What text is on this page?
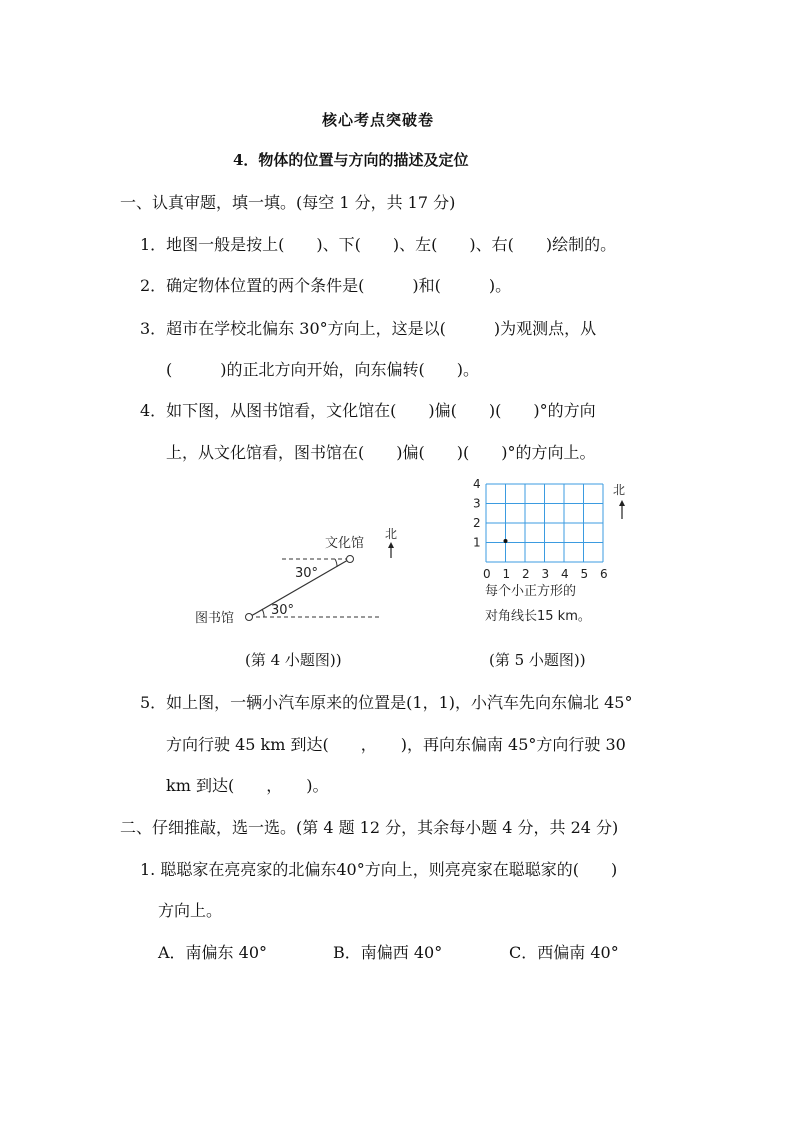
核心考点突破卷
4．物体的位置与方向的描述及定位
一、认真审题，填一填。(每空 1 分，共 17 分)
1．地图一般是按上(　　)、下(　　)、左(　　)、右(　　)绘制的。
2．确定物体位置的两个条件是(　　　)和(　　　)。
3．超市在学校北偏东 30°方向上，这是以(　　　)为观测点，从
(　　　)的正北方向开始，向东偏转(　　)。
4．如下图，从图书馆看，文化馆在(　　)偏(　　)(　　)°的方向
上，从文化馆看，图书馆在(　　)偏(　　)(　　)°的方向上。
文化馆
图书馆
30°
30°
北
4
3
2
1
0 1 2 3 4 5 6
北
每个小正方形的
对角线长15 km。
(第 4 小题图))	(第 5 小题图))
5．如上图，一辆小汽车原来的位置是(1，1)，小汽车先向东偏北 45°
方向行驶 45 km 到达(　　，　　)，再向东偏南 45°方向行驶 30
km 到达(　　，　　)。
二、仔细推敲，选一选。(第 4 题 12 分，其余每小题 4 分，共 24 分)
1. 聪聪家在亮亮家的北偏东40°方向上，则亮亮家在聪聪家的(　　)
方向上。
A．南偏东 40°	B．南偏西 40°	C．西偏南 40°
